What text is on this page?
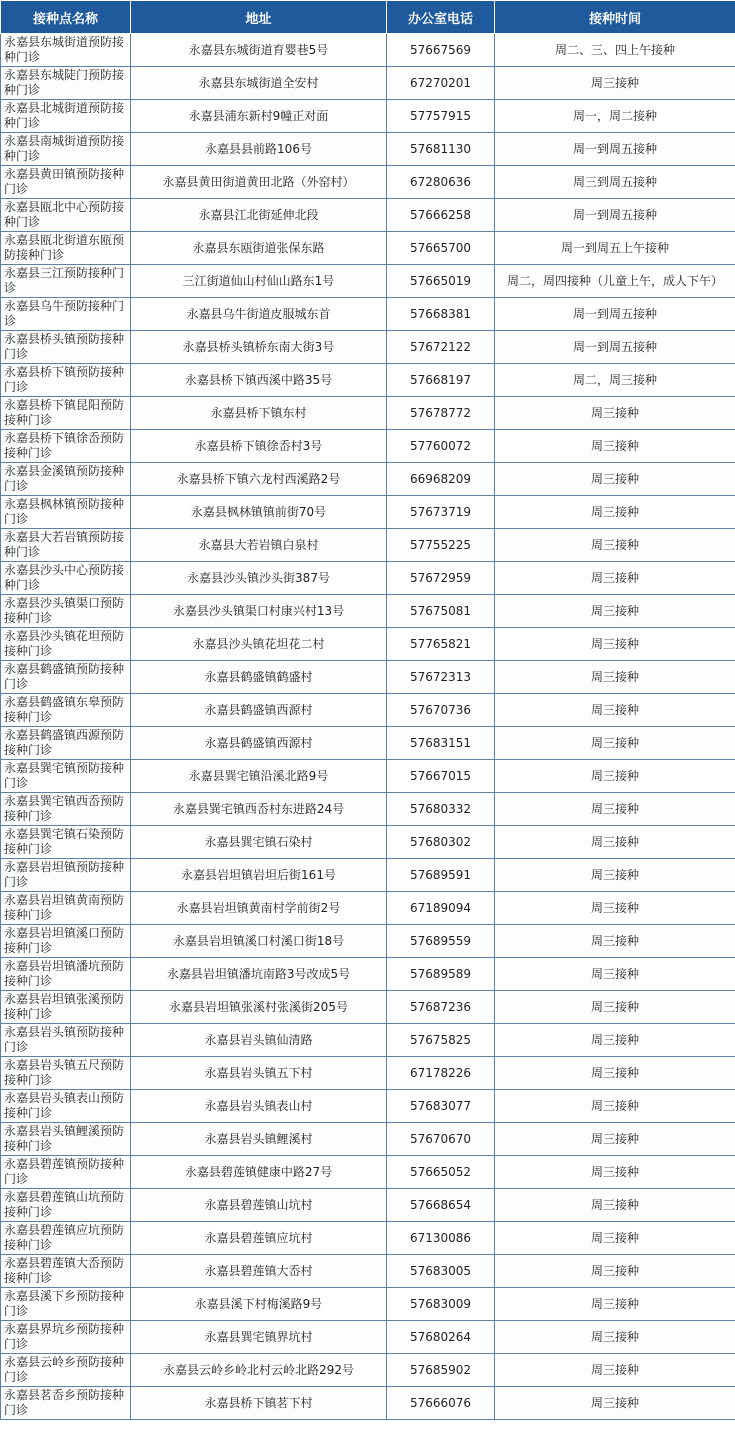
接种点名称	地址	办公室电话	接种时间
永嘉县东城街道预防接种门诊	永嘉县东城街道育婴巷5号	57667569	周二、三、四上午接种
永嘉县东城陡门预防接种门诊	永嘉县东城街道全安村	67270201	周三接种
永嘉县北城街道预防接种门诊	永嘉县浦东新村9幢正对面	57757915	周一，周二接种
永嘉县南城街道预防接种门诊	永嘉县县前路106号	57681130	周一到周五接种
永嘉县黄田镇预防接种门诊	永嘉县黄田街道黄田北路（外窑村）	67280636	周三到周五接种
永嘉县瓯北中心预防接种门诊	永嘉县江北街延伸北段	57666258	周一到周五接种
永嘉县瓯北街道东瓯预防接种门诊	永嘉县东瓯街道张保东路	57665700	周一到周五上午接种
永嘉县三江预防接种门诊	三江街道仙山村仙山路东1号	57665019	周二，周四接种（儿童上午，成人下午）
永嘉县乌牛预防接种门诊	永嘉县乌牛街道皮服城东首	57668381	周一到周五接种
永嘉县桥头镇预防接种门诊	永嘉县桥头镇桥东南大街3号	57672122	周一到周五接种
永嘉县桥下镇预防接种门诊	永嘉县桥下镇西溪中路35号	57668197	周二，周三接种
永嘉县桥下镇昆阳预防接种门诊	永嘉县桥下镇东村	57678772	周三接种
永嘉县桥下镇徐岙预防接种门诊	永嘉县桥下镇徐岙村3号	57760072	周三接种
永嘉县金溪镇预防接种门诊	永嘉县桥下镇六龙村西溪路2号	66968209	周三接种
永嘉县枫林镇预防接种门诊	永嘉县枫林镇镇前街70号	57673719	周三接种
永嘉县大若岩镇预防接种门诊	永嘉县大若岩镇白泉村	57755225	周三接种
永嘉县沙头中心预防接种门诊	永嘉县沙头镇沙头街387号	57672959	周三接种
永嘉县沙头镇渠口预防接种门诊	永嘉县沙头镇渠口村康兴村13号	57675081	周三接种
永嘉县沙头镇花坦预防接种门诊	永嘉县沙头镇花坦花二村	57765821	周三接种
永嘉县鹤盛镇预防接种门诊	永嘉县鹤盛镇鹤盛村	57672313	周三接种
永嘉县鹤盛镇东皋预防接种门诊	永嘉县鹤盛镇西源村	57670736	周三接种
永嘉县鹤盛镇西源预防接种门诊	永嘉县鹤盛镇西源村	57683151	周三接种
永嘉县巽宅镇预防接种门诊	永嘉县巽宅镇沿溪北路9号	57667015	周三接种
永嘉县巽宅镇西岙预防接种门诊	永嘉县巽宅镇西岙村东进路24号	57680332	周三接种
永嘉县巽宅镇石染预防接种门诊	永嘉县巽宅镇石染村	57680302	周三接种
永嘉县岩坦镇预防接种门诊	永嘉县岩坦镇岩坦后街161号	57689591	周三接种
永嘉县岩坦镇黄南预防接种门诊	永嘉县岩坦镇黄南村学前街2号	67189094	周三接种
永嘉县岩坦镇溪口预防接种门诊	永嘉县岩坦镇溪口村溪口街18号	57689559	周三接种
永嘉县岩坦镇潘坑预防接种门诊	永嘉县岩坦镇潘坑南路3号改成5号	57689589	周三接种
永嘉县岩坦镇张溪预防接种门诊	永嘉县岩坦镇张溪村张溪街205号	57687236	周三接种
永嘉县岩头镇预防接种门诊	永嘉县岩头镇仙清路	57675825	周三接种
永嘉县岩头镇五尺预防接种门诊	永嘉县岩头镇五下村	67178226	周三接种
永嘉县岩头镇表山预防接种门诊	永嘉县岩头镇表山村	57683077	周三接种
永嘉县岩头镇鲤溪预防接种门诊	永嘉县岩头镇鲤溪村	57670670	周三接种
永嘉县碧莲镇预防接种门诊	永嘉县碧莲镇健康中路27号	57665052	周三接种
永嘉县碧莲镇山坑预防接种门诊	永嘉县碧莲镇山坑村	57668654	周三接种
永嘉县碧莲镇应坑预防接种门诊	永嘉县碧莲镇应坑村	67130086	周三接种
永嘉县碧莲镇大岙预防接种门诊	永嘉县碧莲镇大岙村	57683005	周三接种
永嘉县溪下乡预防接种门诊	永嘉县溪下村梅溪路9号	57683009	周三接种
永嘉县界坑乡预防接种门诊	永嘉县巽宅镇界坑村	57680264	周三接种
永嘉县云岭乡预防接种门诊	永嘉县云岭乡岭北村云岭北路292号	57685902	周三接种
永嘉县茗岙乡预防接种门诊	永嘉县桥下镇茗下村	57666076	周三接种
